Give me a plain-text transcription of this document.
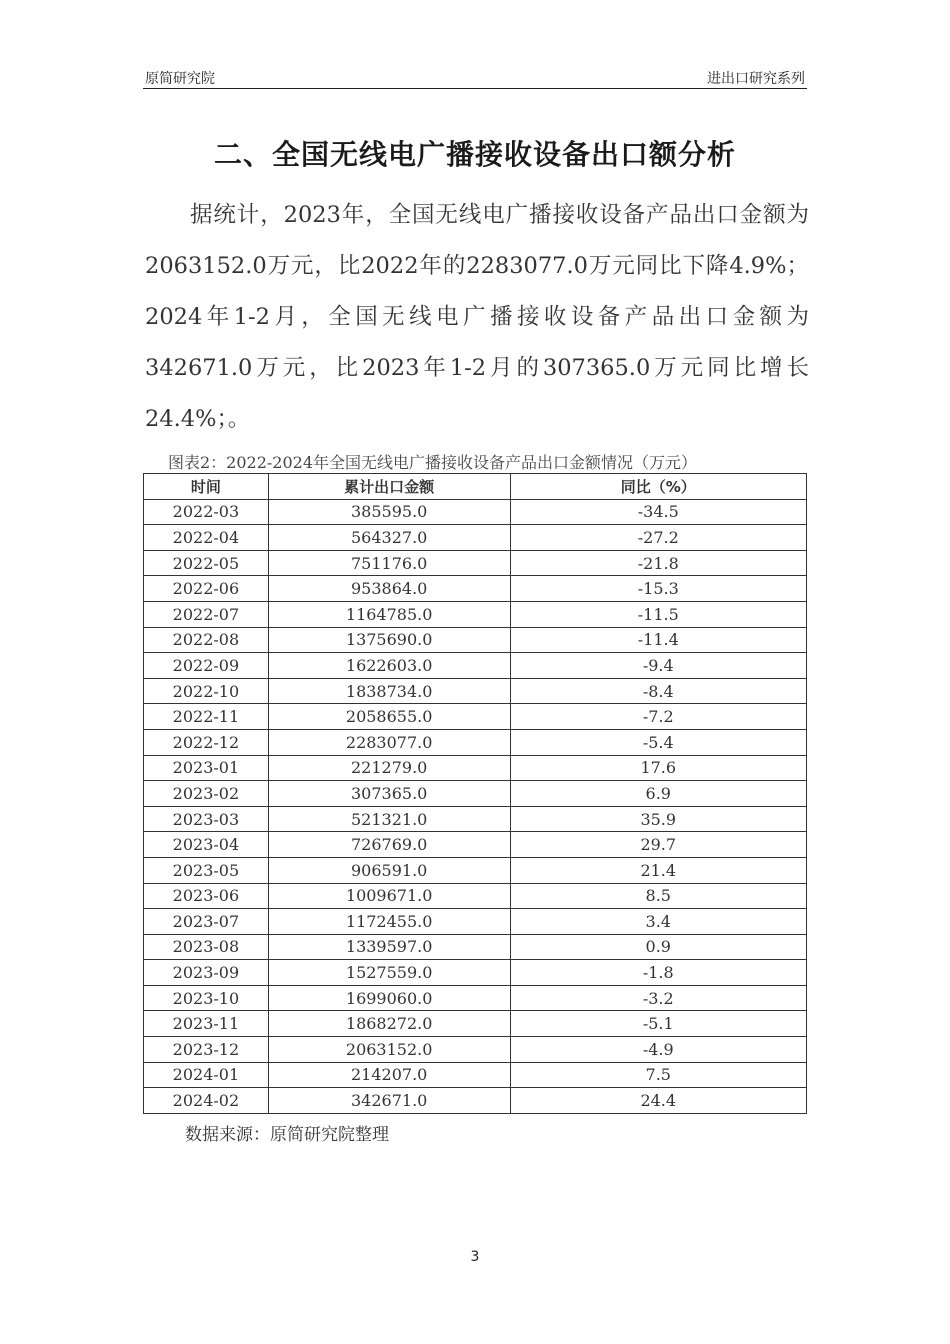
原简研究院	进出口研究系列
二、全国无线电广播接收设备出口额分析
据统计，2023年，全国无线电广播接收设备产品出口金额为2063152.0万元，比2022年的2283077.0万元同比下降4.9%；2024年1-2月，全国无线电广播接收设备产品出口金额为342671.0万元，比2023年1-2月的307365.0万元同比增长24.4%；。
图表2：2022-2024年全国无线电广播接收设备产品出口金额情况（万元）
时间	累计出口金额	同比（%）
2022-03	385595.0	-34.5
2022-04	564327.0	-27.2
2022-05	751176.0	-21.8
2022-06	953864.0	-15.3
2022-07	1164785.0	-11.5
2022-08	1375690.0	-11.4
2022-09	1622603.0	-9.4
2022-10	1838734.0	-8.4
2022-11	2058655.0	-7.2
2022-12	2283077.0	-5.4
2023-01	221279.0	17.6
2023-02	307365.0	6.9
2023-03	521321.0	35.9
2023-04	726769.0	29.7
2023-05	906591.0	21.4
2023-06	1009671.0	8.5
2023-07	1172455.0	3.4
2023-08	1339597.0	0.9
2023-09	1527559.0	-1.8
2023-10	1699060.0	-3.2
2023-11	1868272.0	-5.1
2023-12	2063152.0	-4.9
2024-01	214207.0	7.5
2024-02	342671.0	24.4
数据来源：原简研究院整理
3
